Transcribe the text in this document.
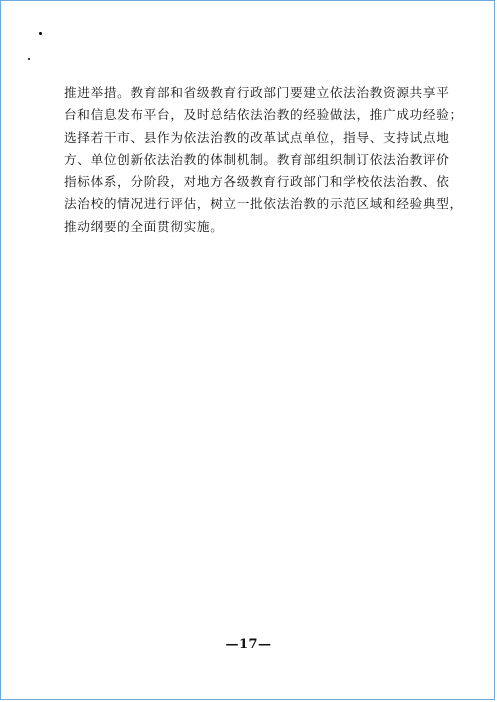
推进举措。教育部和省级教育行政部门要建立依法治教资源共享平
台和信息发布平台，及时总结依法治教的经验做法，推广成功经验；
选择若干市、县作为依法治教的改革试点单位，指导、支持试点地
方、单位创新依法治教的体制机制。教育部组织制订依法治教评价
指标体系，分阶段，对地方各级教育行政部门和学校依法治教、依
法治校的情况进行评估，树立一批依法治教的示范区域和经验典型，
推动纲要的全面贯彻实施。

—17—
